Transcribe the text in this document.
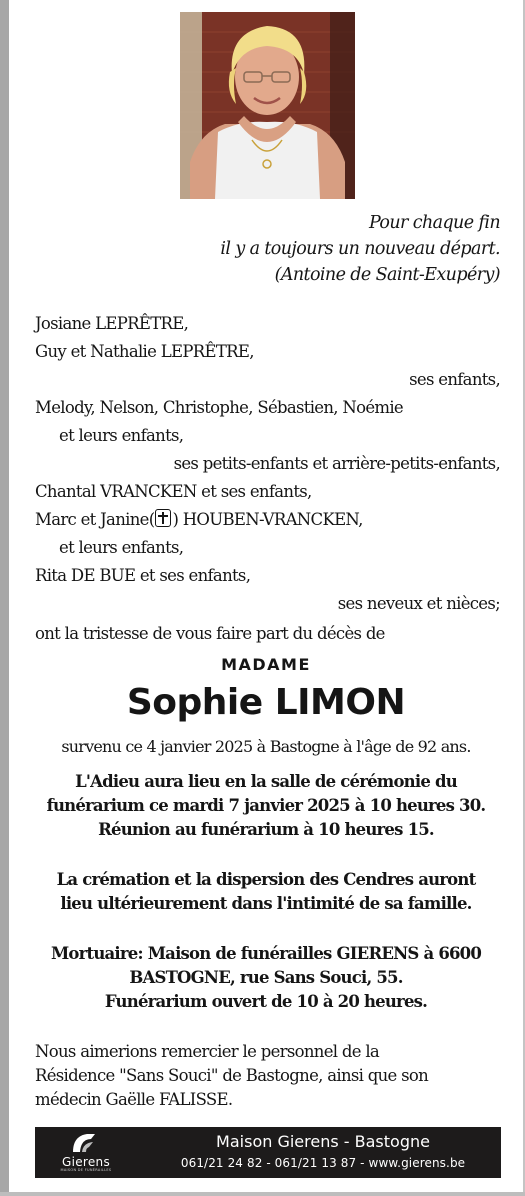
Pour chaque fin
il y a toujours un nouveau départ.
(Antoine de Saint-Exupéry)
Josiane LEPRÊTRE,
Guy et Nathalie LEPRÊTRE,
ses enfants,
Melody, Nelson, Christophe, Sébastien, Noémie
et leurs enfants,
ses petits-enfants et arrière-petits-enfants,
Chantal VRANCKEN et ses enfants,
Marc et Janine( ) HOUBEN-VRANCKEN,
et leurs enfants,
Rita DE BUE et ses enfants,
ses neveux et nièces;
ont la tristesse de vous faire part du décès de
MADAME
Sophie LIMON
survenu ce 4 janvier 2025 à Bastogne à l'âge de 92 ans.
L'Adieu aura lieu en la salle de cérémonie du
funérarium ce mardi 7 janvier 2025 à 10 heures 30.
Réunion au funérarium à 10 heures 15.
La crémation et la dispersion des Cendres auront
lieu ultérieurement dans l'intimité de sa famille.
Mortuaire: Maison de funérailles GIERENS à 6600
BASTOGNE, rue Sans Souci, 55.
Funérarium ouvert de 10 à 20 heures.
Nous aimerions remercier le personnel de la
Résidence "Sans Souci" de Bastogne, ainsi que son
médecin Gaëlle FALISSE.
Gierens
MAISON DE FUNÉRAILLES
Maison Gierens - Bastogne
061/21 24 82 - 061/21 13 87 - www.gierens.be
